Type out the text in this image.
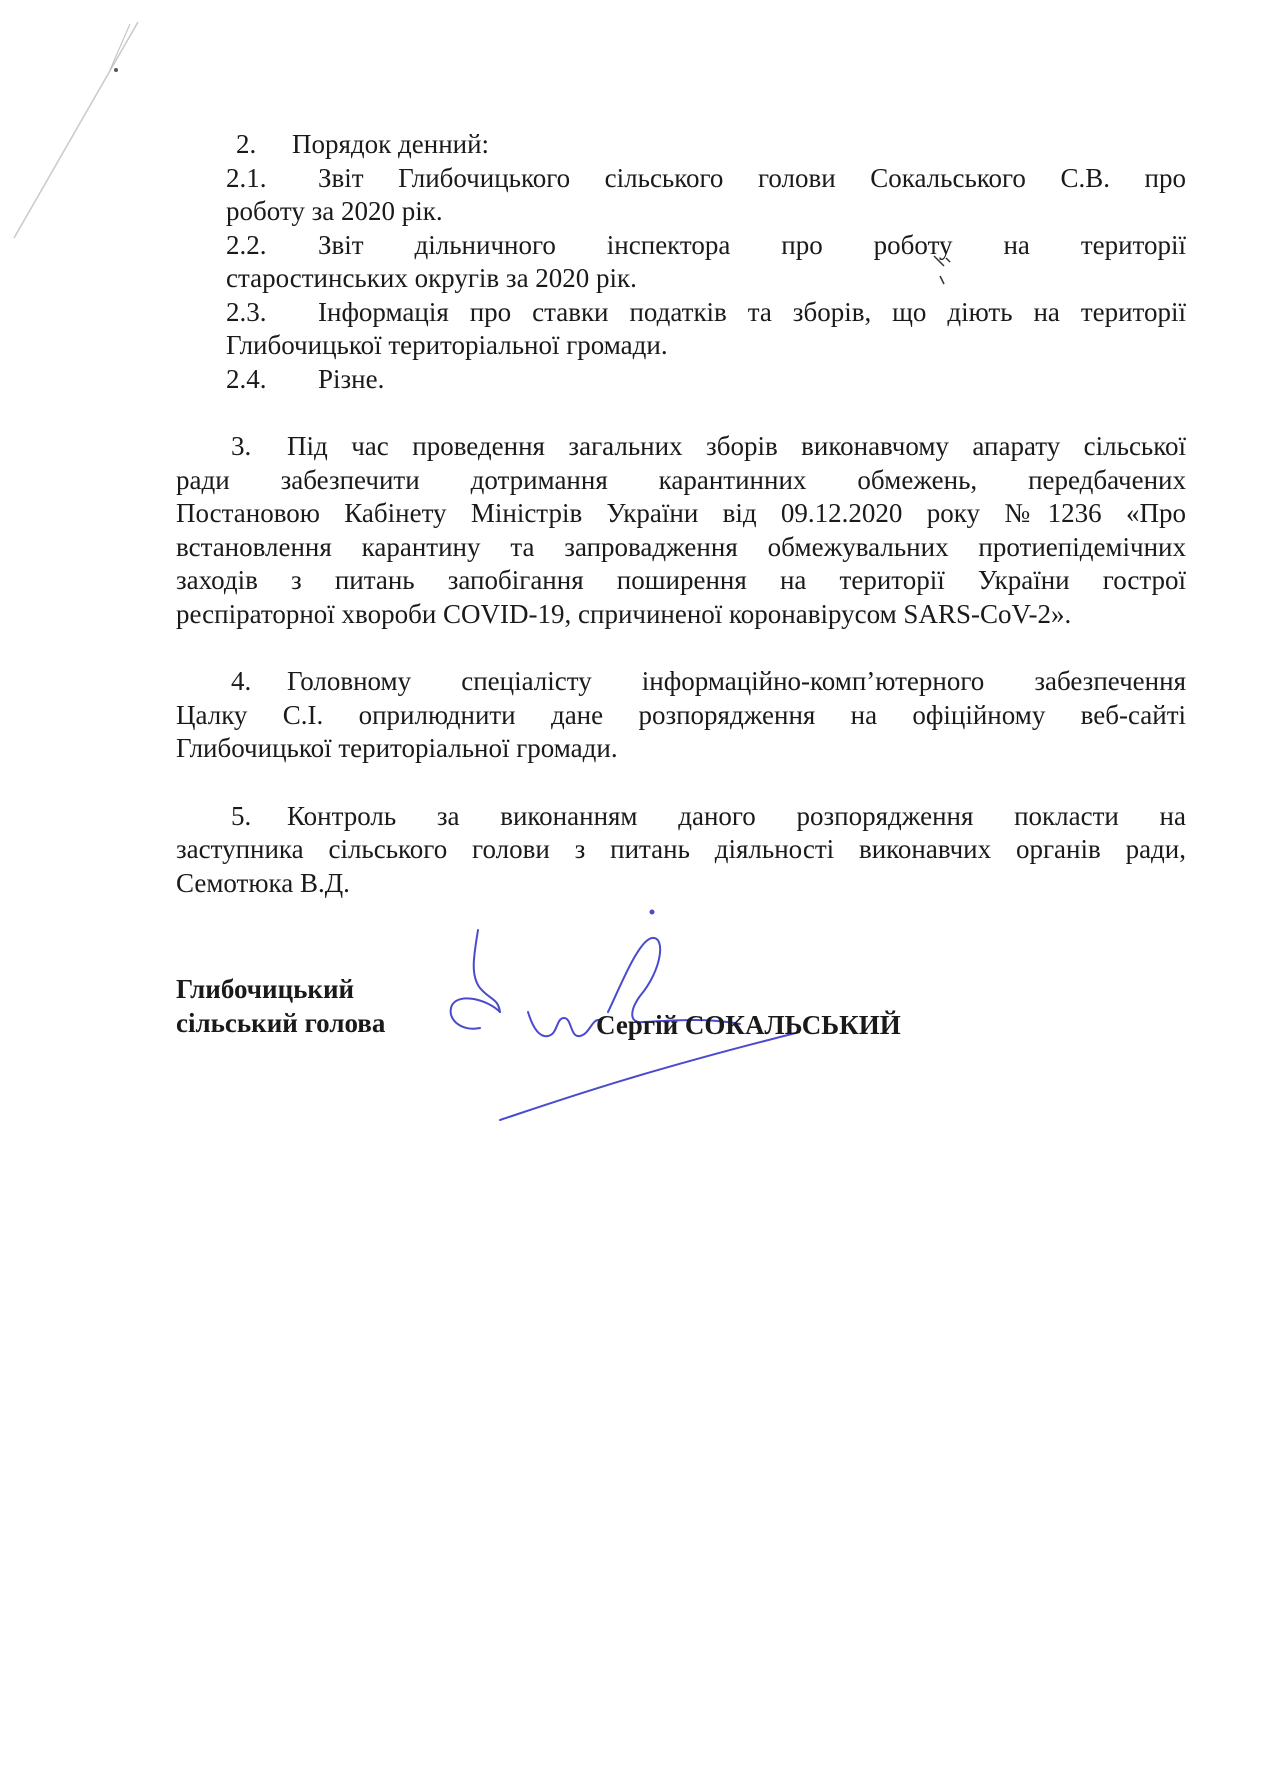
2. Порядок денний:
2.1. Звіт Глибочицького сільського голови Сокальського С.В. про
роботу за 2020 рік.
2.2. Звіт дільничного інспектора про роботу на території
старостинських округів за 2020 рік.
2.3. Інформація про ставки податків та зборів, що діють на території
Глибочицької територіальної громади.
2.4. Різне.
3. Під час проведення загальних зборів виконавчому апарату сільської
ради забезпечити дотримання карантинних обмежень, передбачених
Постановою Кабінету Міністрів України від 09.12.2020 року №1236 «Про
встановлення карантину та запровадження обмежувальних протиепідемічних
заходів з питань запобігання поширення на території України гострої
респіраторної хвороби COVID-19, спричиненої коронавірусом SARS-CoV-2».
4. Головному спеціалісту інформаційно-комп’ютерного забезпечення
Цалку С.І. оприлюднити дане розпорядження на офіційному веб-сайті
Глибочицької територіальної громади.
5. Контроль за виконанням даного розпорядження покласти на
заступника сільського голови з питань діяльності виконавчих органів ради,
Семотюка В.Д.
Глибочицький
сільський голова	Сергій СОКАЛЬСЬКИЙ
